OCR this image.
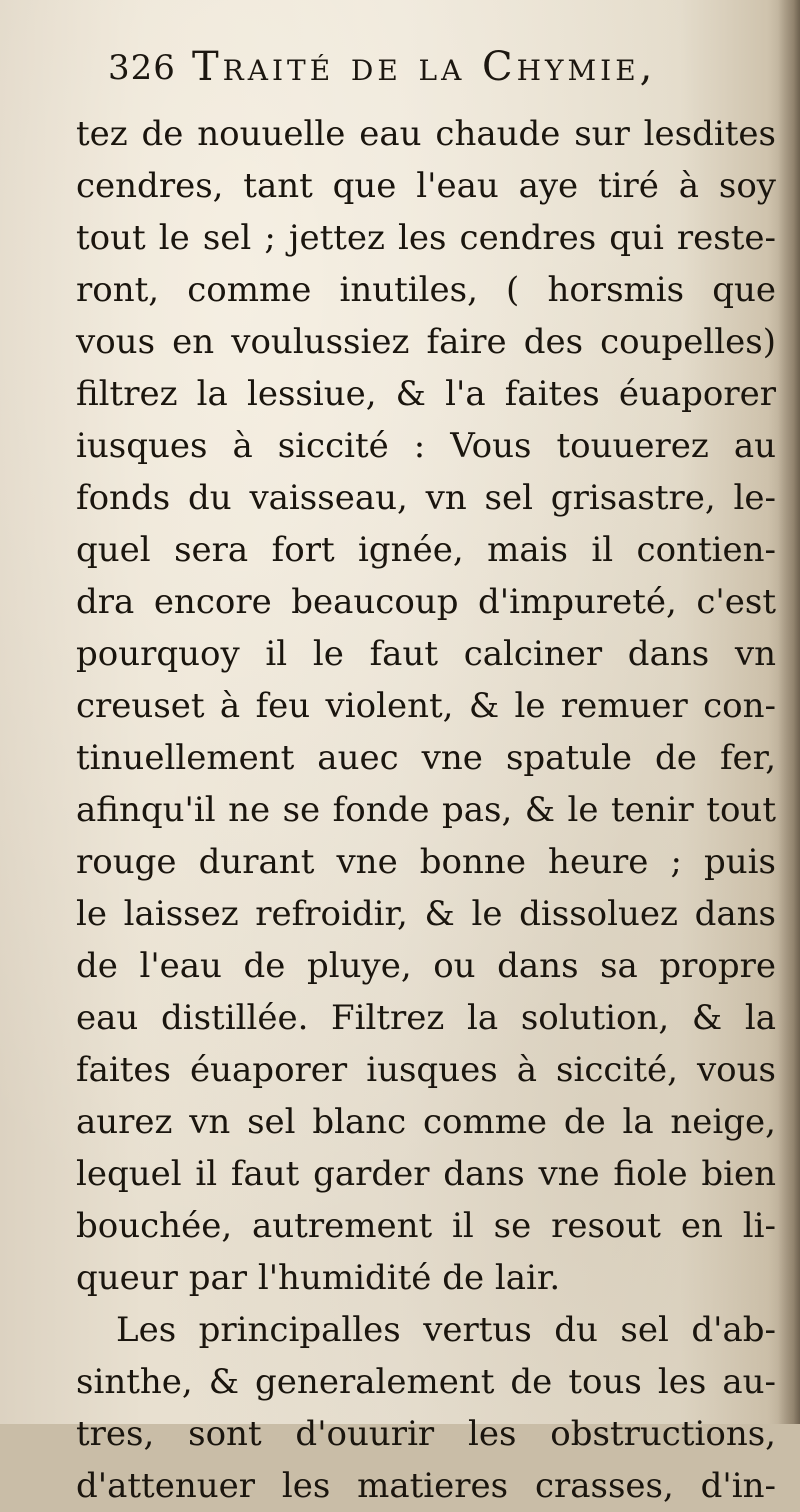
326 Traité de la Chymie,
tez de nouuelle eau chaude sur lesdites
cendres, tant que l'eau aye tiré à soy
tout le sel ; jettez les cendres qui reste-
ront, comme inutiles, ( horsmis que
vous en voulussiez faire des coupelles)
filtrez la lessiue, & l'a faites éuaporer
iusques à siccité : Vous touuerez au
fonds du vaisseau, vn sel grisastre, le-
quel sera fort ignée, mais il contien-
dra encore beaucoup d'impureté, c'est
pourquoy il le faut calciner dans vn
creuset à feu violent, & le remuer con-
tinuellement auec vne spatule de fer,
afinqu'il ne se fonde pas, & le tenir tout
rouge durant vne bonne heure ; puis
le laissez refroidir, & le dissoluez dans
de l'eau de pluye, ou dans sa propre
eau distillée. Filtrez la solution, & la
faites éuaporer iusques à siccité, vous
aurez vn sel blanc comme de la neige,
lequel il faut garder dans vne fiole bien
bouchée, autrement il se resout en li-
queur par l'humidité de lair.
Les principalles vertus du sel d'ab-
sinthe, & generalement de tous les au-
tres, sont d'ouurir les obstructions,
d'attenuer les matieres crasses, d'in-
